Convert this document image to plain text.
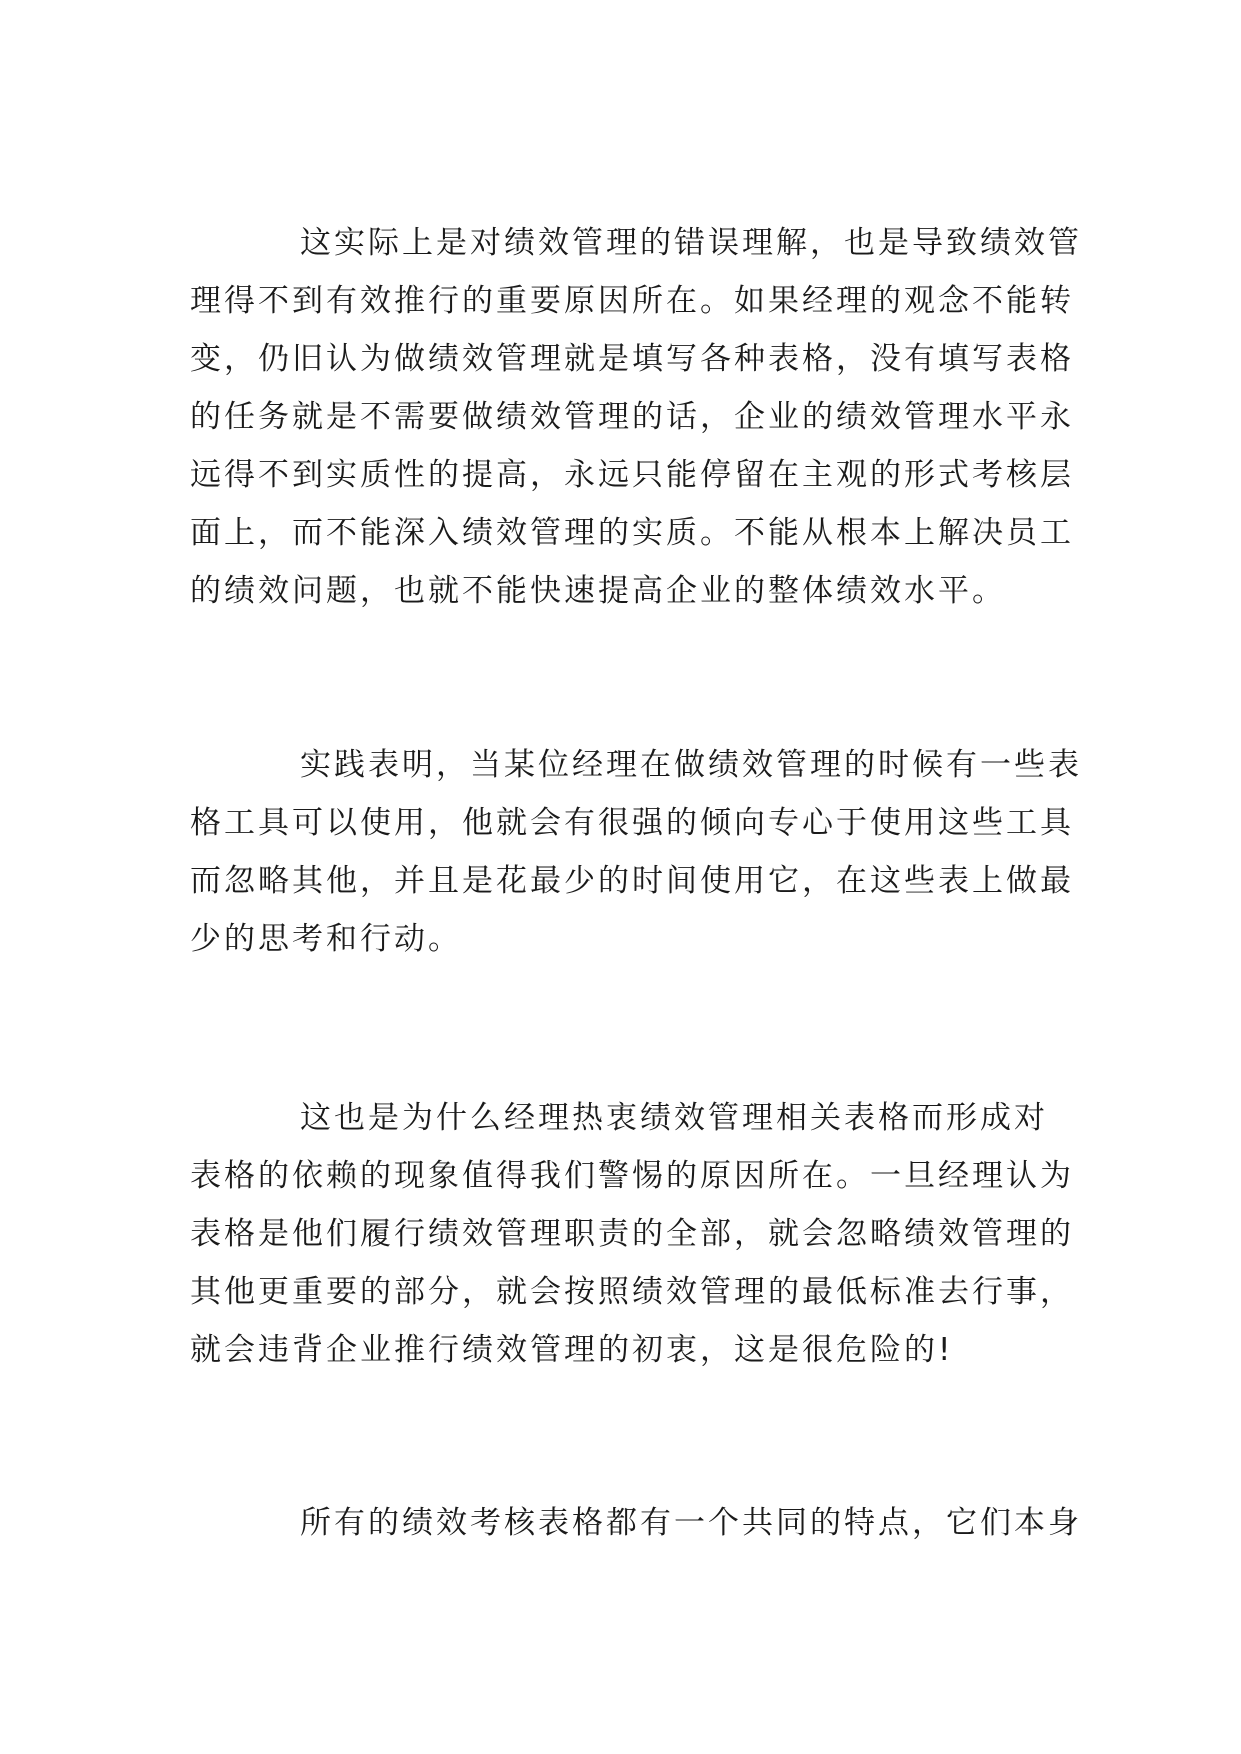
这实际上是对绩效管理的错误理解，也是导致绩效管
理得不到有效推行的重要原因所在。如果经理的观念不能转
变，仍旧认为做绩效管理就是填写各种表格，没有填写表格
的任务就是不需要做绩效管理的话，企业的绩效管理水平永
远得不到实质性的提高，永远只能停留在主观的形式考核层
面上，而不能深入绩效管理的实质。不能从根本上解决员工
的绩效问题，也就不能快速提高企业的整体绩效水平。
实践表明，当某位经理在做绩效管理的时候有一些表
格工具可以使用，他就会有很强的倾向专心于使用这些工具
而忽略其他，并且是花最少的时间使用它，在这些表上做最
少的思考和行动。
这也是为什么经理热衷绩效管理相关表格而形成对
表格的依赖的现象值得我们警惕的原因所在。一旦经理认为
表格是他们履行绩效管理职责的全部，就会忽略绩效管理的
其他更重要的部分，就会按照绩效管理的最低标准去行事，
就会违背企业推行绩效管理的初衷，这是很危险的!
所有的绩效考核表格都有一个共同的特点，它们本身
